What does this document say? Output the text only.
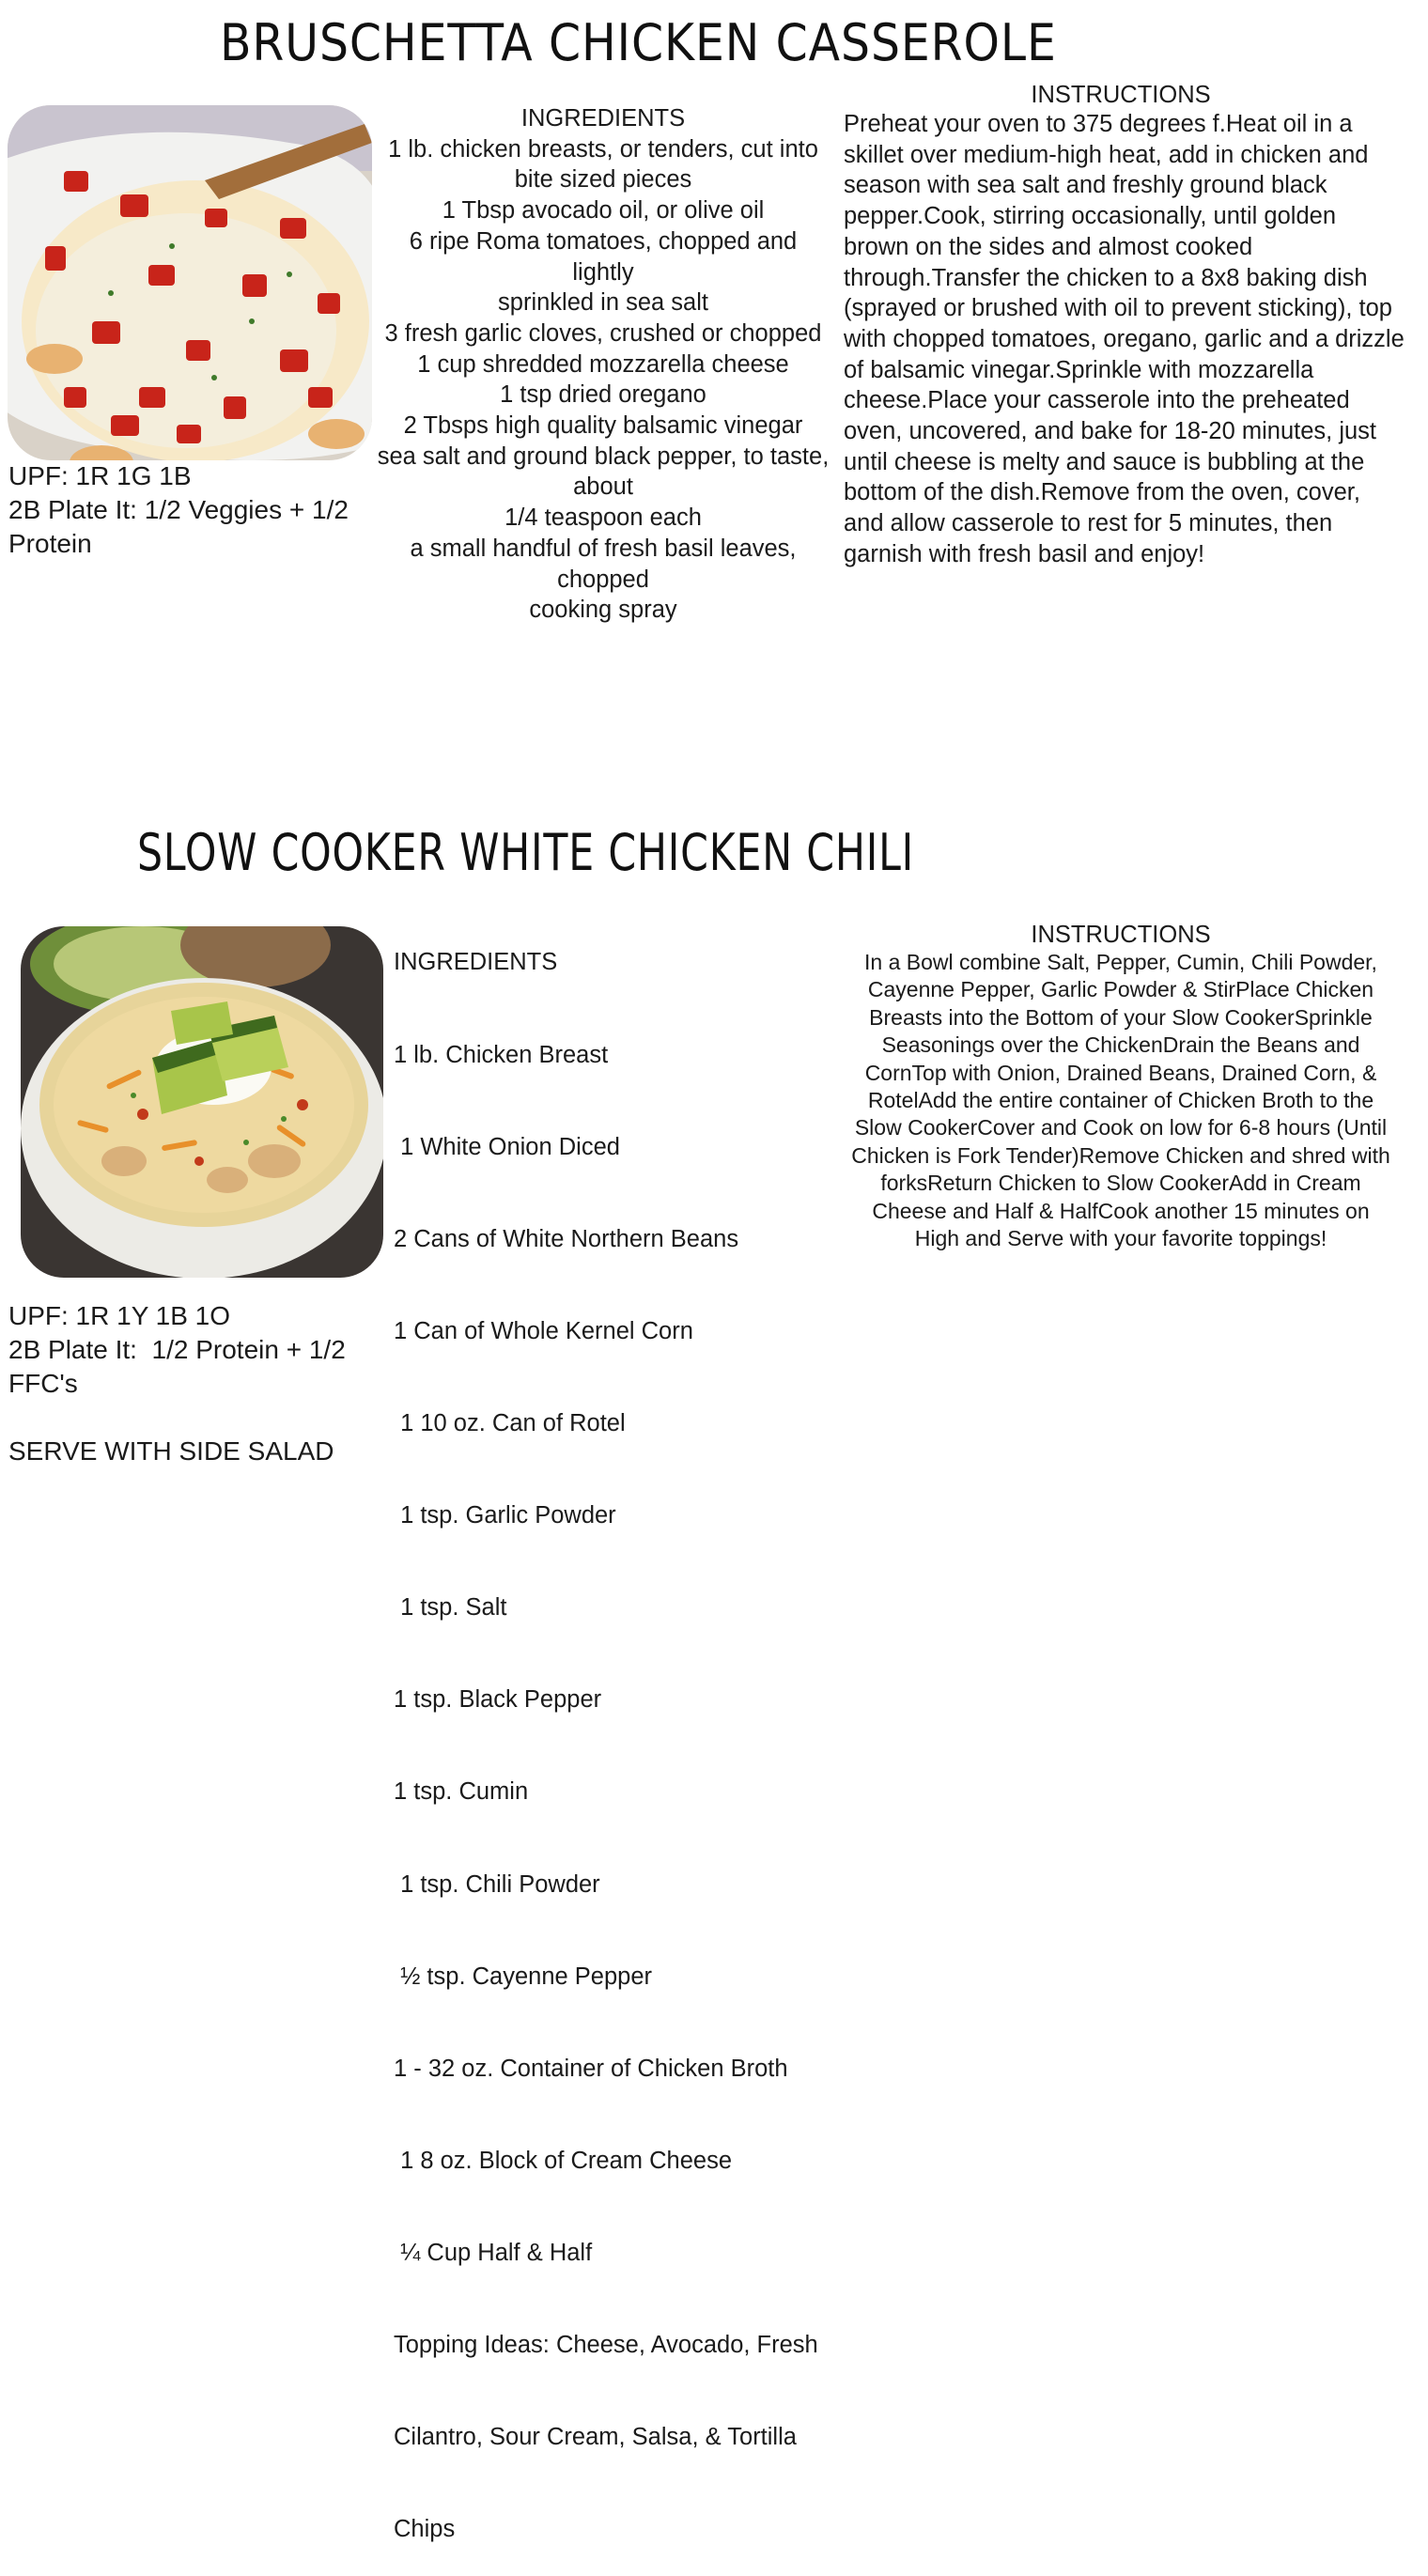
BRUSCHETTA CHICKEN CASSEROLE
UPF: 1R 1G 1B
2B Plate It: 1/2 Veggies + 1/2
Protein
INGREDIENTS
1 lb. chicken breasts, or tenders, cut into
bite sized pieces
1 Tbsp avocado oil, or olive oil
6 ripe Roma tomatoes, chopped and lightly
sprinkled in sea salt
3 fresh garlic cloves, crushed or chopped
1 cup shredded mozzarella cheese
1 tsp dried oregano
2 Tbsps high quality balsamic vinegar
sea salt and ground black pepper, to taste,
about
1/4 teaspoon each
a small handful of fresh basil leaves,
chopped
cooking spray
INSTRUCTIONS
Preheat your oven to 375 degrees f.Heat oil in a
skillet over medium-high heat, add in chicken and
season with sea salt and freshly ground black
pepper.Cook, stirring occasionally, until golden
brown on the sides and almost cooked
through.Transfer the chicken to a 8x8 baking dish
(sprayed or brushed with oil to prevent sticking), top
with chopped tomatoes, oregano, garlic and a drizzle
of balsamic vinegar.Sprinkle with mozzarella
cheese.Place your casserole into the preheated
oven, uncovered, and bake for 18-20 minutes, just
until cheese is melty and sauce is bubbling at the
bottom of the dish.Remove from the oven, cover,
and allow casserole to rest for 5 minutes, then
garnish with fresh basil and enjoy!
SLOW COOKER WHITE CHICKEN CHILI
UPF: 1R 1Y 1B 1O
2B Plate It:  1/2 Protein + 1/2
FFC's

SERVE WITH SIDE SALAD

INGREDIENTS

1 lb. Chicken Breast

1 White Onion Diced

2 Cans of White Northern Beans

1 Can of Whole Kernel Corn

1 10 oz. Can of Rotel

1 tsp. Garlic Powder

1 tsp. Salt

1 tsp. Black Pepper

1 tsp. Cumin

1 tsp. Chili Powder

½ tsp. Cayenne Pepper

1 - 32 oz. Container of Chicken Broth

1 8 oz. Block of Cream Cheese

¼ Cup Half & Half

Topping Ideas: Cheese, Avocado, Fresh

Cilantro, Sour Cream, Salsa, & Tortilla

Chips

INSTRUCTIONS
In a Bowl combine Salt, Pepper, Cumin, Chili Powder,
Cayenne Pepper, Garlic Powder & StirPlace Chicken
Breasts into the Bottom of your Slow CookerSprinkle
Seasonings over the ChickenDrain the Beans and
CornTop with Onion, Drained Beans, Drained Corn, &
RotelAdd the entire container of Chicken Broth to the
Slow CookerCover and Cook on low for 6-8 hours (Until
Chicken is Fork Tender)Remove Chicken and shred with
forksReturn Chicken to Slow CookerAdd in Cream
Cheese and Half & HalfCook another 15 minutes on
High and Serve with your favorite toppings!
